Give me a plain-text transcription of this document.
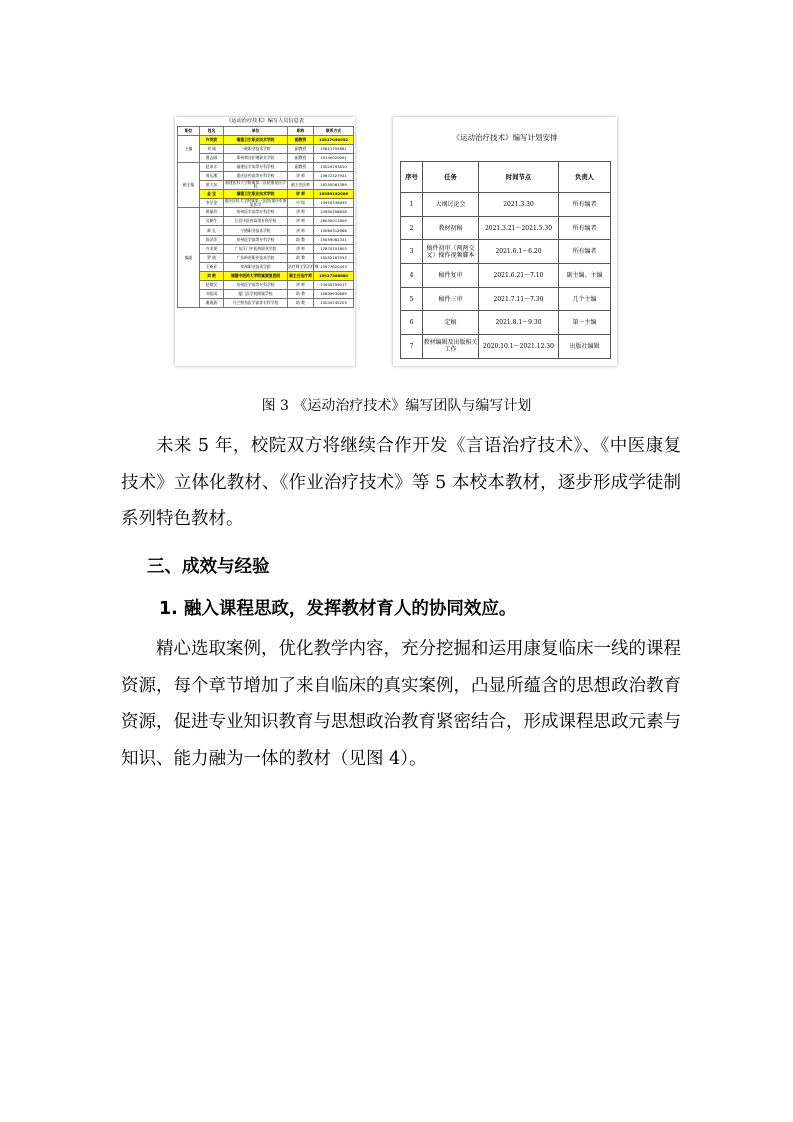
《运动治疗技术》编写人员信息表
职位	姓名	单位	职称	联系方式
主编	许洪波	福建卫生职业技术学院	副教授	13817050952
	刘 瑜	三峡职业技术学院	副教授	15811755881
	曹志刚	郑州黄河护理职业学院	副教授	15140020091
副主编	赵成丰	福建医学高等专科学校	副教授	15024793810
	周运湘	重庆医药高等专科学校	讲 师	13672327941
	彭大东	福建医科大学附属第二医院康复医学科	副主任医师	18250061389
	金 宝	福建卫生职业技术学院	讲 师	13959192006
	李芷伦	重庆医科大学附属第一医院/重庆市康复医学	中 级	13950336835
编委	黄丽玲	泉州医学高等专科学校	讲 师	13950358838
	吴朝生	江西中医药高等专科学校	讲 师	18050011805
	颜 礼	宁德职业技术学院	讲 师	15060312966
	陈萍萍	泉州医学高等专科学校	助 教	15059082341
	许龙果	广东江门中医药职业学院	讲 师	17870701803
	罗 倩	广东岭南职业技术学院	助 教	15052167053
	王新亚	泉州职业技术学院	治疗师主管治疗师	15977820443
	刘 艳	福建中医药大学附属康复医院	副主任治疗师	15917388880
	赵敬民	泉州医学高等专科学校	讲 师	13945359017
	刘佳雨	厦门医学院附属学校	助 教	15899930665
	谢燕燕	乌兰察布医学高等专科学校	助 教	15034745203
《运动治疗技术》编写计划安排
序号	任务	时间节点	负责人
1	大纲讨论会	2021.3.30	所有编者
2	教材初稿	2021.3.21～2021.5.30	所有编者
3	稿件初审（两两交叉）操作视频脚本	2021.6.1～6.20	所有编者
4	稿件复审	2021.6.21～7.10	副主编、主编
5	稿件三审	2021.7.11～7.30	几个主编
6	定稿	2021.8.1～9.30	第一主编
7	教材编辑及出版相关工作	2020.10.1～2021.12.30	出版社编辑
图 3 《运动治疗技术》编写团队与编写计划
未来 5 年，校院双方将继续合作开发《言语治疗技术》、《中医康复技术》立体化教材、《作业治疗技术》等 5 本校本教材，逐步形成学徒制系列特色教材。
三、成效与经验
1. 融入课程思政，发挥教材育人的协同效应。
精心选取案例，优化教学内容，充分挖掘和运用康复临床一线的课程资源，每个章节增加了来自临床的真实案例，凸显所蕴含的思想政治教育资源，促进专业知识教育与思想政治教育紧密结合，形成课程思政元素与知识、能力融为一体的教材（见图 4）。
